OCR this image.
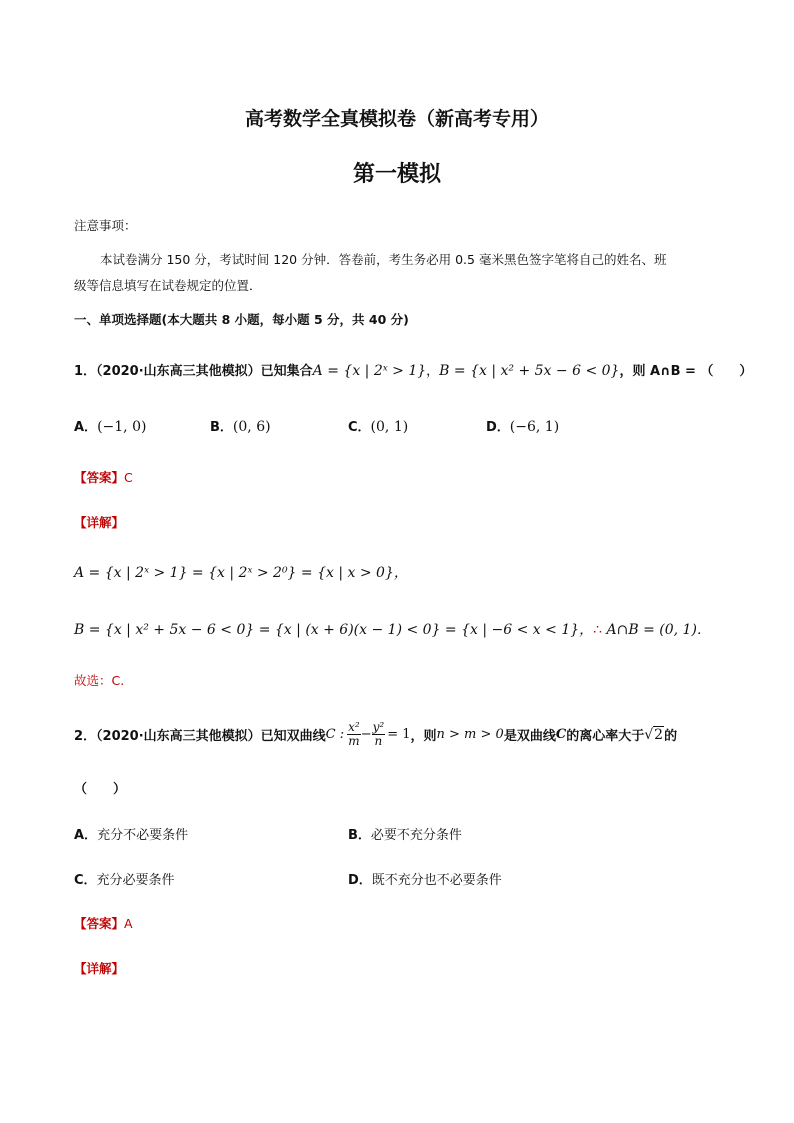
高考数学全真模拟卷（新高考专用）
第一模拟
注意事项：
本试卷满分 150 分，考试时间 120 分钟．答卷前，考生务必用 0.5 毫米黑色签字笔将自己的姓名、班
级等信息填写在试卷规定的位置．
一、单项选择题(本大题共 8 小题，每小题 5 分，共 40 分)
1．（2020·山东高三其他模拟）已知集合A = {x | 2ˣ > 1}，B = {x | x² + 5x − 6 < 0}，则 A∩B = （　　）
A．(−1, 0)	B．(0, 6)	C．(0, 1)	D．(−6, 1)
【答案】C
【详解】
A = {x | 2ˣ > 1} = {x | 2ˣ > 2⁰} = {x | x > 0}，
B = {x | x² + 5x − 6 < 0} = {x | (x + 6)(x − 1) < 0} = {x | −6 < x < 1}，∴ A∩B = (0, 1)．
故选：C.
2．（2020·山东高三其他模拟）已知双曲线 C : $\frac{\text{x²}}{m} - \frac{\text{y²}}{n} = 1$ ，则 n > m > 0 是双曲线 C 的离心率大于 √2 的
（　　）
A．充分不必要条件	B．必要不充分条件
C．充分必要条件	D．既不充分也不必要条件
【答案】A
【详解】
